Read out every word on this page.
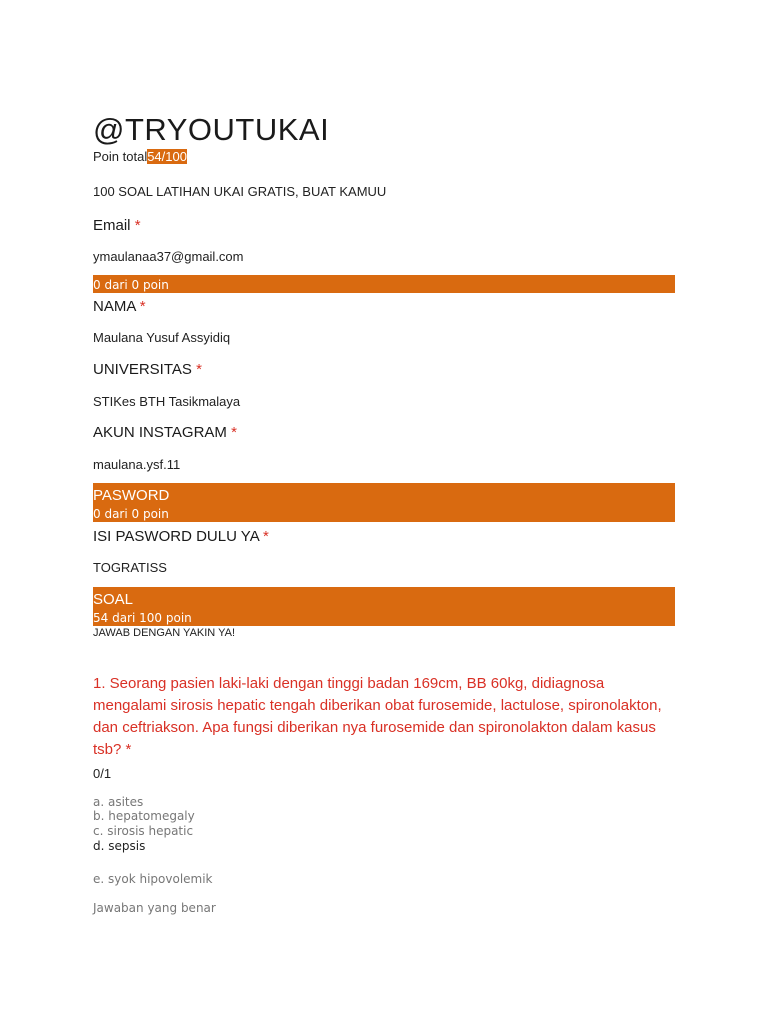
@TRYOUTUKAI
Poin total54/100
100 SOAL LATIHAN UKAI GRATIS, BUAT KAMUU
Email *
ymaulanaa37@gmail.com
0 dari 0 poin
NAMA *
Maulana Yusuf Assyidiq
UNIVERSITAS *
STIKes BTH Tasikmalaya
AKUN INSTAGRAM *
maulana.ysf.11
PASWORD
0 dari 0 poin
ISI PASWORD DULU YA *
TOGRATISS
SOAL
54 dari 100 poin
JAWAB DENGAN YAKIN YA!
1. Seorang pasien laki-laki dengan tinggi badan 169cm, BB 60kg, didiagnosa mengalami sirosis hepatic tengah diberikan obat furosemide, lactulose, spironolakton, dan ceftriakson. Apa fungsi diberikan nya furosemide dan spironolakton dalam kasus tsb? *
0/1
a. asites
b. hepatomegaly
c. sirosis hepatic
d. sepsis
e. syok hipovolemik
Jawaban yang benar
